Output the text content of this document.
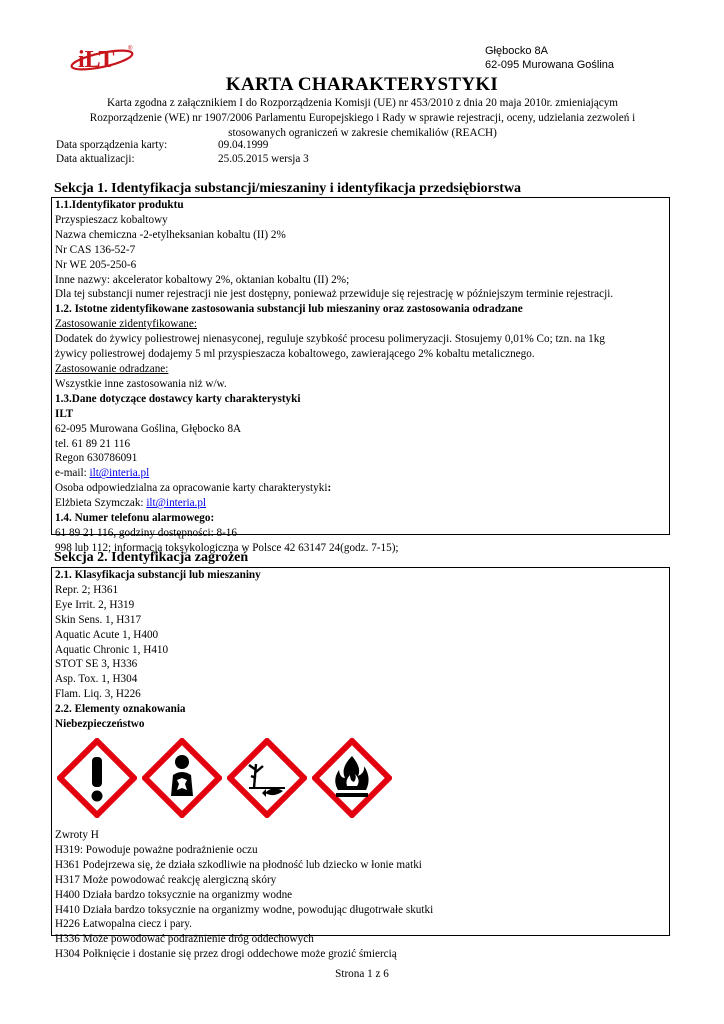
iLT ®	Głębocko 8A
62-095 Murowana Goślina
KARTA CHARAKTERYSTYKI
Karta zgodna z załącznikiem I do Rozporządzenia Komisji (UE) nr 453/2010 z dnia 20 maja 2010r. zmieniającym
Rozporządzenie (WE) nr 1907/2006 Parlamentu Europejskiego i Rady w sprawie rejestracji, oceny, udzielania zezwoleń i
stosowanych ograniczeń w zakresie chemikaliów (REACH)
Data sporządzenia karty:	09.04.1999
Data aktualizacji:	25.05.2015 wersja 3
Sekcja 1. Identyfikacja substancji/mieszaniny i identyfikacja przedsiębiorstwa
1.1.Identyfikator produktu
Przyspieszacz kobaltowy
Nazwa chemiczna -2-etylheksanian kobaltu (II) 2%
Nr CAS 136-52-7
Nr WE 205-250-6
Inne nazwy: akcelerator kobaltowy 2%, oktanian kobaltu (II) 2%;
Dla tej substancji numer rejestracji nie jest dostępny, ponieważ przewiduje się rejestrację w późniejszym terminie rejestracji.
1.2. Istotne zidentyfikowane zastosowania substancji lub mieszaniny oraz zastosowania odradzane
Zastosowanie zidentyfikowane:
Dodatek do żywicy poliestrowej nienasyconej, reguluje szybkość procesu polimeryzacji. Stosujemy 0,01% Co; tzn. na 1kg
żywicy poliestrowej dodajemy 5 ml przyspieszacza kobaltowego, zawierającego 2% kobaltu metalicznego.
Zastosowanie odradzane:
Wszystkie inne zastosowania niż w/w.
1.3.Dane dotyczące dostawcy karty charakterystyki
ILT
62-095 Murowana Goślina, Głębocko 8A
tel. 61 89 21 116
Regon 630786091
e-mail: ilt@interia.pl
Osoba odpowiedzialna za opracowanie karty charakterystyki:
Elżbieta Szymczak: ilt@interia.pl
1.4. Numer telefonu alarmowego:
61 89 21 116, godziny dostępności: 8-16
998 lub 112; informacja toksykologiczna w Polsce 42 63147 24(godz. 7-15);
Sekcja 2. Identyfikacja zagrożeń
2.1. Klasyfikacja substancji lub mieszaniny
Repr. 2; H361
Eye Irrit. 2, H319
Skin Sens. 1, H317
Aquatic Acute 1, H400
Aquatic Chronic 1, H410
STOT SE 3, H336
Asp. Tox. 1, H304
Flam. Liq. 3, H226
2.2. Elementy oznakowania
Niebezpieczeństwo
Zwroty H
H319: Powoduje poważne podrażnienie oczu
H361 Podejrzewa się, że działa szkodliwie na płodność lub dziecko w łonie matki
H317 Może powodować reakcję alergiczną skóry
H400 Działa bardzo toksycznie na organizmy wodne
H410 Działa bardzo toksycznie na organizmy wodne, powodując długotrwałe skutki
H226 Łatwopalna ciecz i pary.
H336 Może powodować podrażnienie dróg oddechowych
H304 Połknięcie i dostanie się przez drogi oddechowe może grozić śmiercią
Strona 1 z 6
